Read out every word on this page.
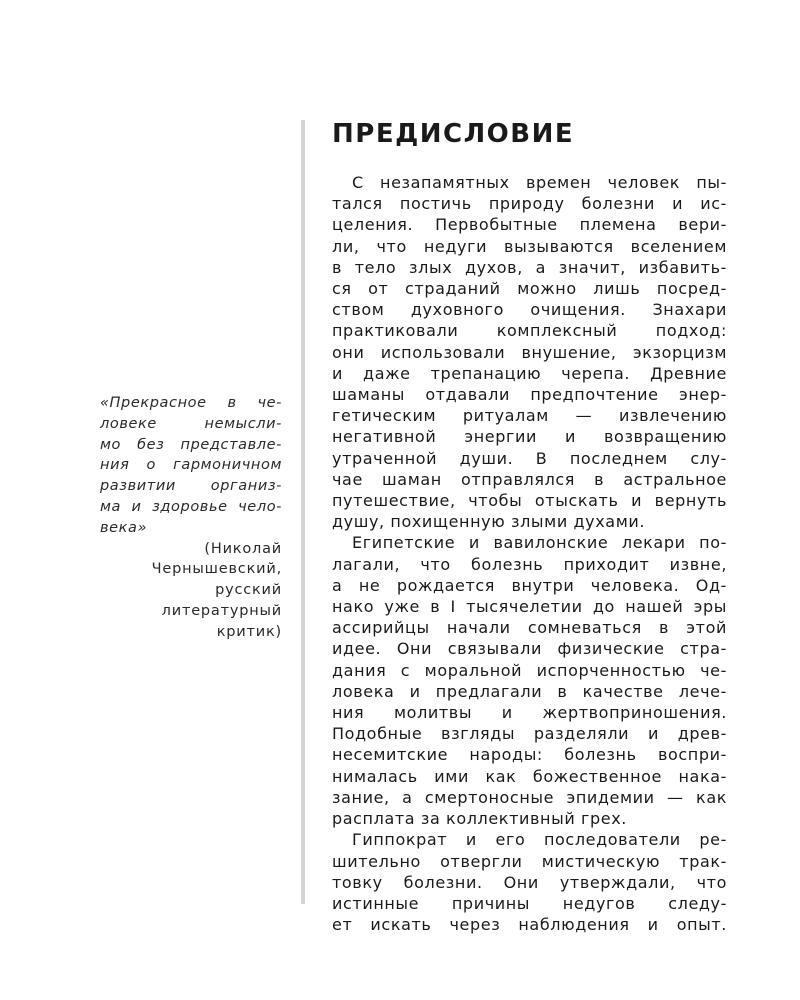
«Прекрасное в че-
ловеке немысли-
мо без представле-
ния о гармоничном
развитии организ-
ма и здоровье чело-
века»

(Николай
Чернышевский,
русский
литературный
критик)

ПРЕДИСЛОВИЕ

С незапамятных времен человек пы-
тался постичь природу болезни и ис-
целения. Первобытные племена вери-
ли, что недуги вызываются вселением
в тело злых духов, а значит, избавить-
ся от страданий можно лишь посред-
ством духовного очищения. Знахари
практиковали комплексный подход:
они использовали внушение, экзорцизм
и даже трепанацию черепа. Древние
шаманы отдавали предпочтение энер-
гетическим ритуалам — извлечению
негативной энергии и возвращению
утраченной души. В последнем слу-
чае шаман отправлялся в астральное
путешествие, чтобы отыскать и вернуть
душу, похищенную злыми духами.

Египетские и вавилонские лекари по-
лагали, что болезнь приходит извне,
а не рождается внутри человека. Од-
нако уже в I тысячелетии до нашей эры
ассирийцы начали сомневаться в этой
идее. Они связывали физические стра-
дания с моральной испорченностью че-
ловека и предлагали в качестве лече-
ния молитвы и жертвоприношения.
Подобные взгляды разделяли и древ-
несемитские народы: болезнь воспри-
нималась ими как божественное нака-
зание, а смертоносные эпидемии — как
расплата за коллективный грех.

Гиппократ и его последователи ре-
шительно отвергли мистическую трак-
товку болезни. Они утверждали, что
истинные причины недугов следу-
ет искать через наблюдения и опыт.
